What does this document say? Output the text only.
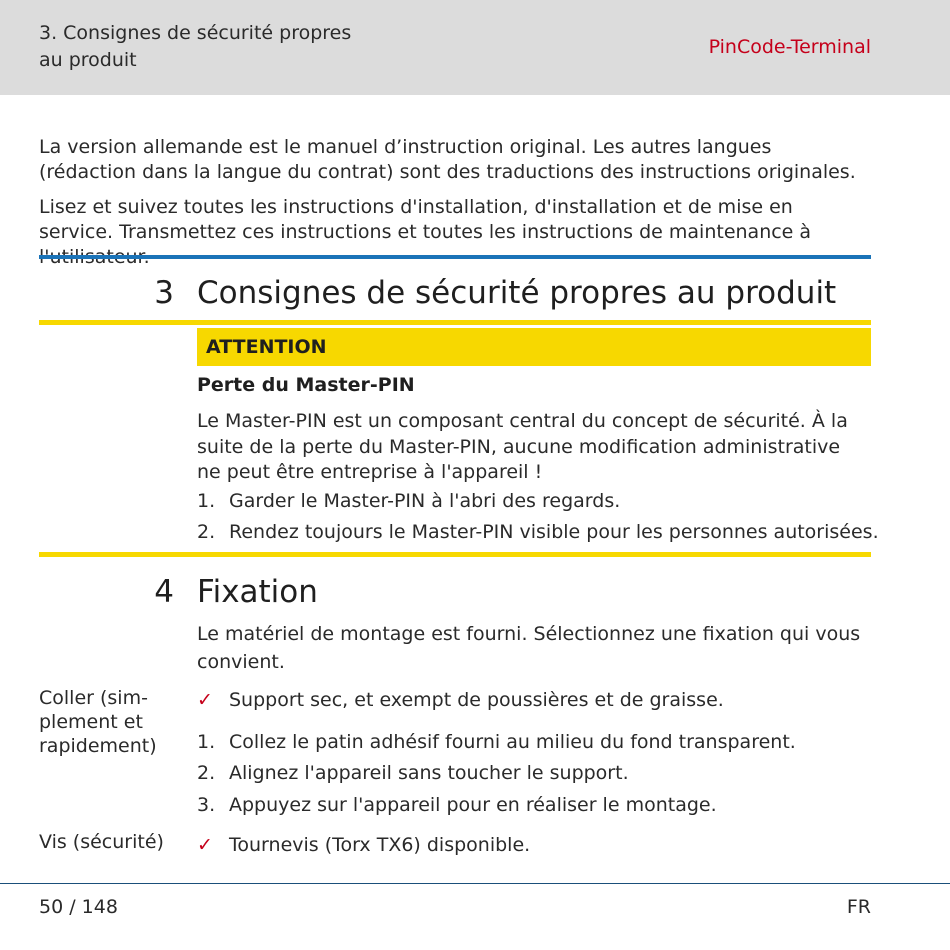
3. Consignes de sécurité propres
au produit
PinCode-Terminal
La version allemande est le manuel d’instruction original. Les autres langues (rédaction dans la langue du contrat) sont des traductions des instructions originales.
Lisez et suivez toutes les instructions d'installation, d'installation et de mise en service. Transmettez ces instructions et toutes les instructions de maintenance à
3 Consignes de sécurité propres au produit
ATTENTION
Perte du Master-PIN
Le Master-PIN est un composant central du concept de sécurité. À la suite de la perte du Master-PIN, aucune modification administrative ne peut être entreprise à l'appareil !
1. Garder le Master-PIN à l'abri des regards.
2. Rendez toujours le Master-PIN visible pour les personnes autorisées.
4 Fixation
Le matériel de montage est fourni. Sélectionnez une fixation qui vous convient.
Coller (sim-
plement et
rapidement)
✓ Support sec, et exempt de poussières et de graisse.
1. Collez le patin adhésif fourni au milieu du fond transparent.
2. Alignez l'appareil sans toucher le support.
3. Appuyez sur l'appareil pour en réaliser le montage.
Vis (sécurité)	✓ Tournevis (Torx TX6) disponible.
50 / 148	FR
